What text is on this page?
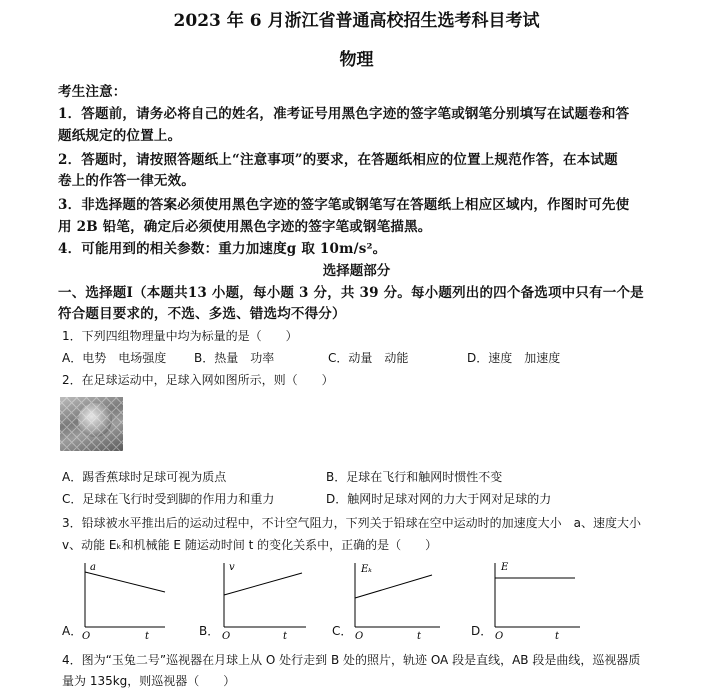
2023 年 6 月浙江省普通高校招生选考科目考试
物理
考生注意：
1．答题前，请务必将自己的姓名，准考证号用黑色字迹的签字笔或钢笔分别填写在试题卷和答
题纸规定的位置上。
2．答题时，请按照答题纸上“注意事项”的要求，在答题纸相应的位置上规范作答，在本试题
卷上的作答一律无效。
3．非选择题的答案必须使用黑色字迹的签字笔或钢笔写在答题纸上相应区域内，作图时可先使
用 2B 铅笔，确定后必须使用黑色字迹的签字笔或钢笔描黑。
4．可能用到的相关参数：重力加速度g 取 10m/s²。
选择题部分
一、选择题Ⅰ（本题共13 小题，每小题 3 分，共 39 分。每小题列出的四个备选项中只有一个是
符合题目要求的，不选、多选、错选均不得分）
1．下列四组物理量中均为标量的是（　　）
A．电势　电场强度 B．热量　功率	C．动量　动能	D．速度　加速度
2．在足球运动中，足球入网如图所示，则（　　）
A．踢香蕉球时足球可视为质点	B．足球在飞行和触网时惯性不变
C．足球在飞行时受到脚的作用力和重力	D．触网时足球对网的力大于网对足球的力
3．铅球被水平推出后的运动过程中，不计空气阻力，下列关于铅球在空中运动时的加速度大小　a、速度大小
v、动能 Eₖ和机械能 E 随运动时间 t 的变化关系中，正确的是（　　）
a
O	t
v
O	t
Eₖ
O	t
E
O	t
A．	B．	C．	D．
4．图为“玉兔二号”巡视器在月球上从 O 处行走到 B 处的照片，轨迹 OA 段是直线，AB 段是曲线，巡视器质
量为 135kg，则巡视器（　　）
